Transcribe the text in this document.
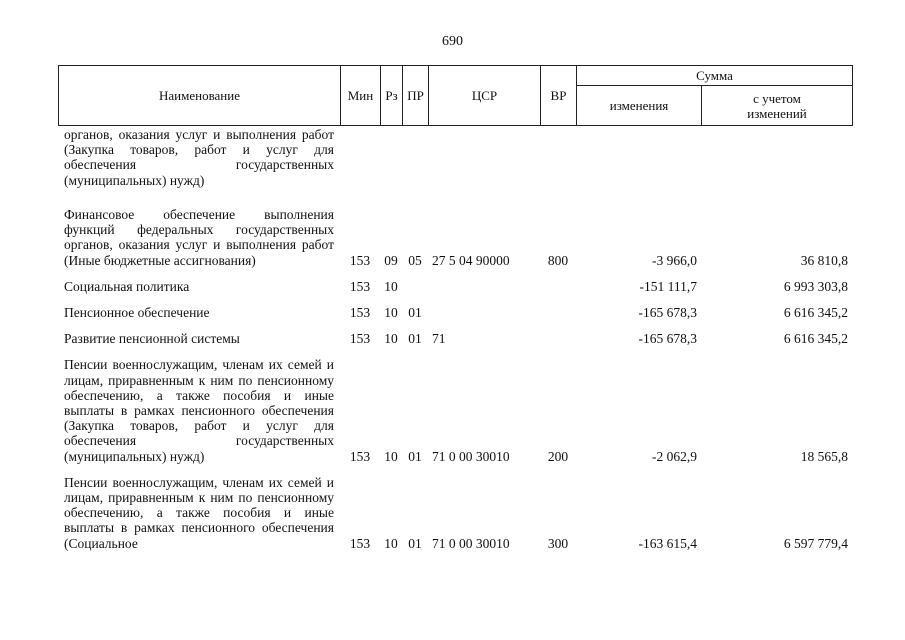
690
Наименование	Мин	Рз	ПР	ЦСР	ВР	Сумма	
						изменения	с учетом изменений
органов, оказания услуг и выполнения работ (Закупка товаров, работ и услуг для обеспечения государственных (муниципальных) нужд)							
Финансовое обеспечение выполнения функций федеральных государственных органов, оказания услуг и выполнения работ (Иные бюджетные ассигнования)	153	09	05	27 5 04 90000	800	-3 966,0	36 810,8
Социальная политика	153	10				-151 111,7	6 993 303,8
Пенсионное обеспечение	153	10	01			-165 678,3	6 616 345,2
Развитие пенсионной системы	153	10	01	71		-165 678,3	6 616 345,2
Пенсии военнослужащим, членам их семей и лицам, приравненным к ним по пенсионному обеспечению, а также пособия и иные выплаты в рамках пенсионного обеспечения (Закупка товаров, работ и услуг для обеспечения государственных (муниципальных) нужд)	153	10	01	71 0 00 30010	200	-2 062,9	18 565,8
Пенсии военнослужащим, членам их семей и лицам, приравненным к ним по пенсионному обеспечению, а также пособия и иные выплаты в рамках пенсионного обеспечения (Социальное	153	10	01	71 0 00 30010	300	-163 615,4	6 597 779,4
